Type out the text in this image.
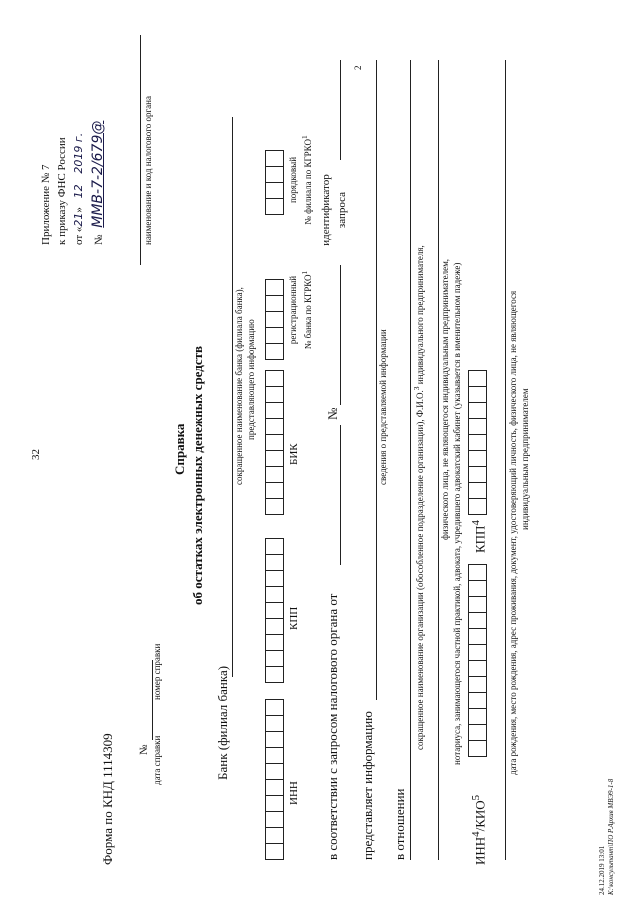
32
Приложение № 7 к приказу ФНС России от «21» 12 2019 г.
№ ММВ-7-2/679@	наименование и код налогового органа
Форма по КНД 1114309 № дата справки
номер справки
Справка об остатках электронных денежных средств
Банк (филиал банка)
сокращенное наименование банка (филиала банка), представляющего информацию
ИНН
КПП
БИК
регистрационный № банка по КГРКО$^1$
порядковый № филиала по КГРКО$^1$
в соответствии с запросом налогового органа от
№
идентификатор запроса
2
представляет информацию
сведения о представляемой информации
в отношении
сокращенное наименование организации (обособленное подразделение организации), Ф.И.О.$^3$ индивидуального предпринимателя, физического лица, не являющегося индивидуальным предпринимателем, нотариуса, занимающегося частной практикой, адвоката, учредившего адвокатский кабинет (указывается в именительном падеже)
ИНН$^4$/КИО$^5$
КПП$^4$	дата рождения, место рождения, адрес проживания, документ, удостоверяющий личность, физического лица, не являющегося индивидуальным предпринимателем
24.12.2019 13:01 К:\консультант\ПО Р.Архив МВЭ9-1-8
